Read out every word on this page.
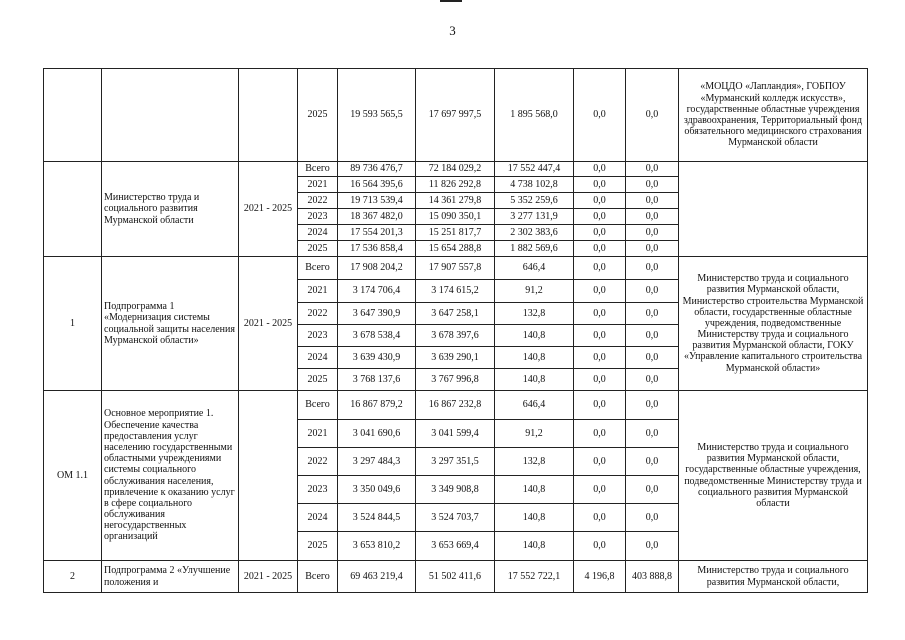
3
			2025	19 593 565,5	17 697 997,5	1 895 568,0	0,0	0,0	«МОЦДО «Лапландия», ГОБПОУ «Мурманский колледж искусств», государственные областные учреждения здравоохранения, Территориальный фонд обязательного медицинского страхования Мурманской области
	Министерство труда и социального развития Мурманской области	2021 - 2025	Всего	89 736 476,7	72 184 029,2	17 552 447,4	0,0	0,0	
			2021	16 564 395,6	11 826 292,8	4 738 102,8	0,0	0,0	
			2022	19 713 539,4	14 361 279,8	5 352 259,6	0,0	0,0	
			2023	18 367 482,0	15 090 350,1	3 277 131,9	0,0	0,0	
			2024	17 554 201,3	15 251 817,7	2 302 383,6	0,0	0,0	
			2025	17 536 858,4	15 654 288,8	1 882 569,6	0,0	0,0	
1	Подпрограмма 1 «Модернизация системы социальной защиты населения Мурманской области»	2021 - 2025	Всего	17 908 204,2	17 907 557,8	646,4	0,0	0,0	Министерство труда и социального развития Мурманской области, Министерство строительства Мурманской области, государственные областные учреждения, подведомственные Министерству труда и социального развития Мурманской области, ГОКУ «Управление капитального строительства Мурманской области»
			2021	3 174 706,4	3 174 615,2	91,2	0,0	0,0	
			2022	3 647 390,9	3 647 258,1	132,8	0,0	0,0	
			2023	3 678 538,4	3 678 397,6	140,8	0,0	0,0	
			2024	3 639 430,9	3 639 290,1	140,8	0,0	0,0	
			2025	3 768 137,6	3 767 996,8	140,8	0,0	0,0	
ОМ 1.1	Основное мероприятие 1. Обеспечение качества предоставления услуг населению государственными областными учреждениями системы социального обслуживания населения, привлечение к оказанию услуг в сфере социального обслуживания негосударственных организаций		Всего	16 867 879,2	16 867 232,8	646,4	0,0	0,0	Министерство труда и социального развития Мурманской области, государственные областные учреждения, подведомственные Министерству труда и социального развития Мурманской области
			2021	3 041 690,6	3 041 599,4	91,2	0,0	0,0	
			2022	3 297 484,3	3 297 351,5	132,8	0,0	0,0	
			2023	3 350 049,6	3 349 908,8	140,8	0,0	0,0	
			2024	3 524 844,5	3 524 703,7	140,8	0,0	0,0	
			2025	3 653 810,2	3 653 669,4	140,8	0,0	0,0	
2	Подпрограмма 2 «Улучшение положения и	2021 - 2025	Всего	69 463 219,4	51 502 411,6	17 552 722,1	4 196,8	403 888,8	Министерство труда и социального развития Мурманской области,
